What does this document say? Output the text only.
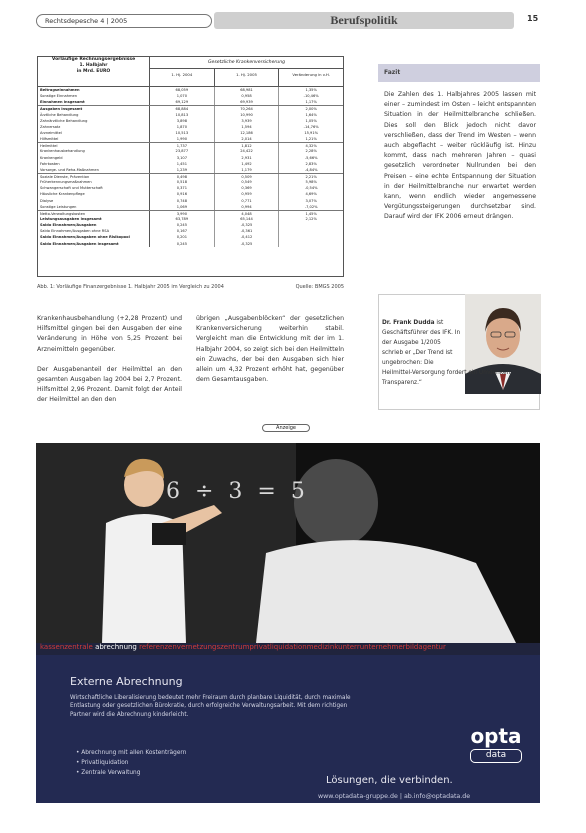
Rechtsdepesche 4 | 2005	Berufspolitik	15
Vorläufige Rechnungsergebnisse
1. Halbjahr
in Mrd. EURO
Gesetzliche Krankenversicherung
1. Hj. 2004	1. Hj. 2005	Veränderung in v.H.
Beitragseinnahmen	68,059	68,981	1,35%
Sonstige Einnahmen	1,070	0,958	-10,46%
Einnahmen insgesamt	69,129	69,939	1,17%
Ausgaben insgesamt	68,884	70,264	2,00%
Ärztliche Behandlung	10,813	10,990	1,64%
Zahnärztliche Behandlung	3,898	3,939	1,05%
Zahnersatz	1,870	1,594	-14,76%
Arzneimittel	10,513	12,186	15,91%
Hilfsmittel	1,990	2,014	1,21%
Heilmittel	1,737	1,812	4,32%
Krankenhausbehandlung	23,877	24,422	2,28%
Krankengeld	3,107	2,931	-5,66%
Fahrkosten	1,451	1,492	2,83%
Vorsorge- und Reha-Maßnahmen	1,239	1,179	-4,84%
Soziale Dienste, Prävention	0,498	0,509	2,21%
Früherkennungsmaßnahmen	0,518	0,549	5,98%
Schwangerschaft und Mutterschaft	0,371	0,369	-0,54%
Häusliche Krankenpflege	0,916	0,959	4,69%
Dialyse	0,748	0,771	3,07%
Sonstige Leistungen	1,069	0,994	-7,02%
Netto-Verwaltungskosten	3,990	4,048	1,45%
Leistungsausgaben insgesamt	63,789	65,144	2,12%
Saldo Einnahmen/Ausgaben	0,245	-0,325
Saldo Einnahmen/Ausgaben ohne RSA	0,167	-0,361
Saldo Einnahmen/Ausgaben ohne Risikopool	0,201	-0,412
Saldo Einnahmen/Ausgaben insgesamt	0,245	-0,325
Abb. 1: Vorläufige Finanzergebnisse 1. Halbjahr 2005 im Vergleich zu 2004	Quelle: BMGS 2005

Krankenhausbehandlung (+2,28 Prozent) und Hilfsmittel gingen bei den Ausgaben der eine Veränderung in Höhe von 5,25 Prozent bei Arzneimitteln gegenüber.

Der Ausgabenanteil der Heilmittel an den gesamten Ausgaben lag 2004 bei 2,7 Prozent. Hilfsmittel 2,96 Prozent. Damit folgt der Anteil der Heilmittel an den den

übrigen „Ausgabenblöcken“ der gesetzlichen Krankenversicherung weiterhin stabil. Vergleicht man die Entwicklung mit der im 1. Halbjahr 2004, so zeigt sich bei den Heilmitteln ein Zuwachs, der bei den Ausgaben sich hier allein um 4,32 Prozent erhöht hat, gegenüber dem Gesamtausgaben.

Fazit
Die Zahlen des 1. Halbjahres 2005 lassen mit einer – zumindest im Osten – leicht entspannten Situation in der Heilmittelbranche schließen. Dies soll den Blick jedoch nicht davor verschließen, dass der Trend im Westen – wenn auch abgeflacht – weiter rückläufig ist. Hinzu kommt, dass nach mehreren Jahren – quasi gesetzlich verordneter Nullrunden bei den Preisen – eine echte Entspannung der Situation in der Heilmittelbranche nur erwartet werden kann, wenn endlich wieder angemessene Vergütungssteigerungen durchsetzbar sind. Darauf wird der IFK 2006 erneut drängen.
Dr. Frank Dudda ist Geschäftsführer des IFK. In der Ausgabe 1/2005 schrieb er „Der Trend ist ungebrochen: Die
Heilmittel-Versorgung fordert ein Umdenken Transparenz.“
Anzeige
6 ÷ 3 = 5
kassenzentrale abrechnung referenzenvernetzungszentrumprivatliquidationmedizinkunterrunternehmerbildagentur
Externe Abrechnung
Wirtschaftliche Liberalisierung bedeutet mehr Freiraum durch planbare Liquidität, durch maximale Entlastung oder gesetzlichen Bürokratie, durch erfolgreiche Verwaltungsarbeit. Mit dem richtigen Partner wird die Abrechnung kinderleicht.
• Abrechnung mit allen Kostenträgern
• Privatliquidation
• Zentrale Verwaltung
opta
data
Lösungen, die verbinden.
www.optadata-gruppe.de | ab.info@optadata.de
